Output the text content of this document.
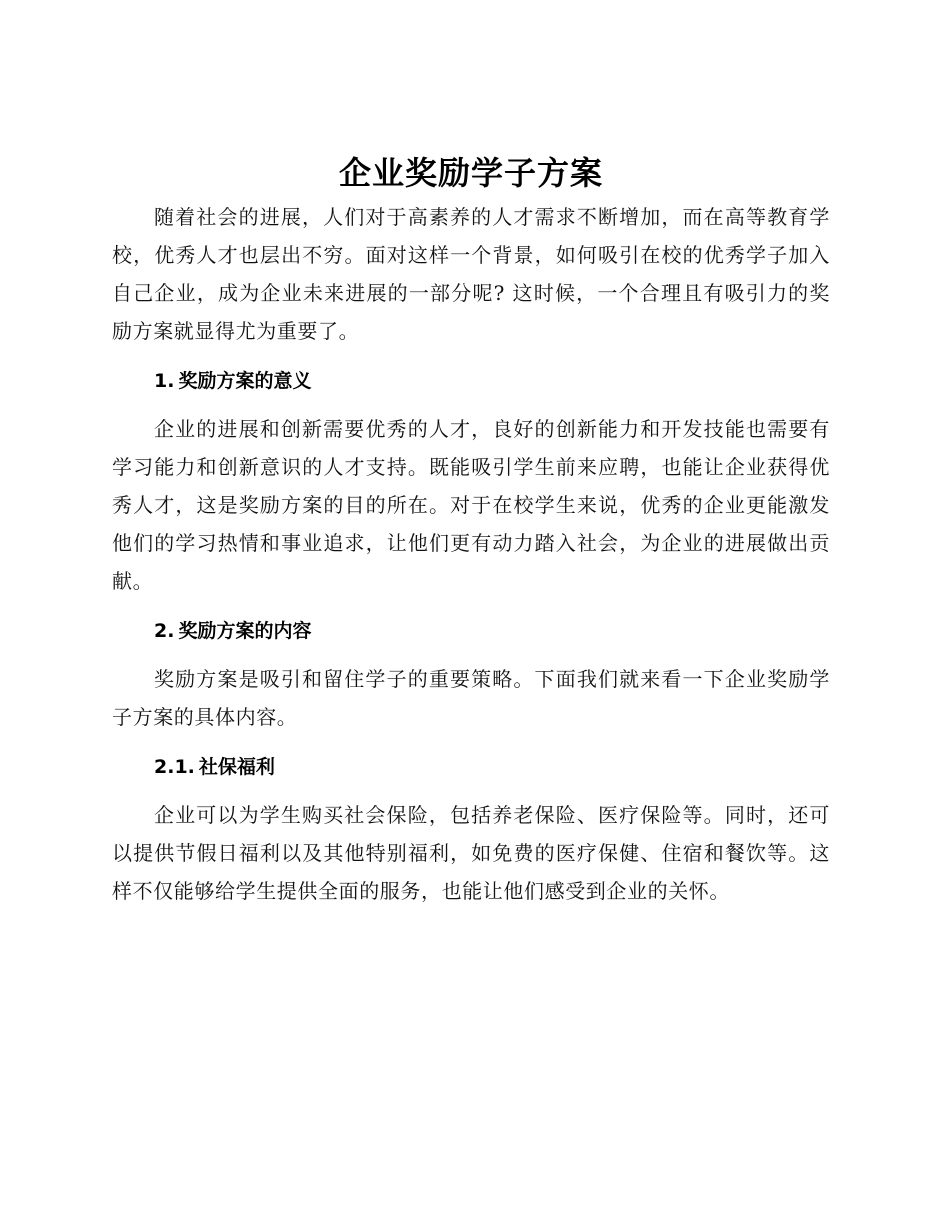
企业奖励学子方案

随着社会的进展，人们对于高素养的人才需求不断增加，而在高等教育学校，优秀人才也层出不穷。面对这样一个背景，如何吸引在校的优秀学子加入自己企业，成为企业未来进展的一部分呢? 这时候，一个合理且有吸引力的奖励方案就显得尤为重要了。

1. 奖励方案的意义

企业的进展和创新需要优秀的人才，良好的创新能力和开发技能也需要有学习能力和创新意识的人才支持。既能吸引学生前来应聘，也能让企业获得优秀人才，这是奖励方案的目的所在。对于在校学生来说，优秀的企业更能激发他们的学习热情和事业追求，让他们更有动力踏入社会，为企业的进展做出贡献。

2. 奖励方案的内容

奖励方案是吸引和留住学子的重要策略。下面我们就来看一下企业奖励学子方案的具体内容。

2.1. 社保福利

企业可以为学生购买社会保险，包括养老保险、医疗保险等。同时，还可以提供节假日福利以及其他特别福利，如免费的医疗保健、住宿和餐饮等。这样不仅能够给学生提供全面的服务，也能让他们感受到企业的关怀。
